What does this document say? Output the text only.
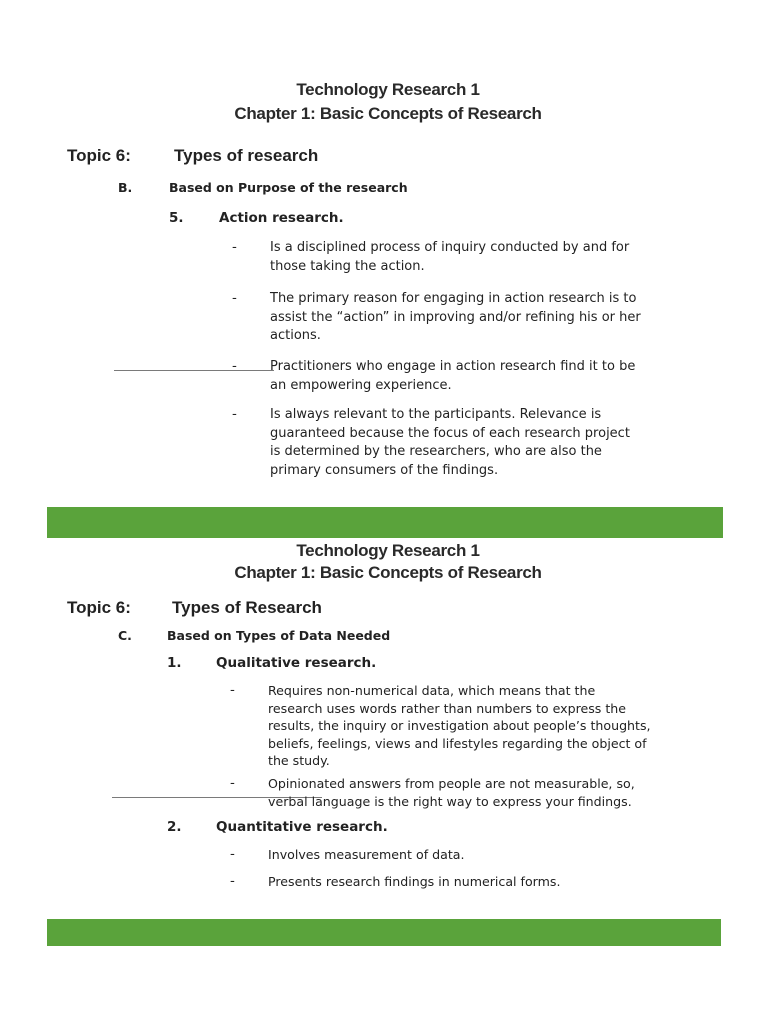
Technology Research 1
Chapter 1: Basic Concepts of Research
Topic 6:	Types of research
B.	Based on Purpose of the research
5.	Action research.
-	Is a disciplined process of inquiry conducted by and for
those taking the action.
-	The primary reason for engaging in action research is to
assist the “action” in improving and/or refining his or her
actions.
-	Practitioners who engage in action research find it to be
an empowering experience.
-	Is always relevant to the participants. Relevance is
guaranteed because the focus of each research project
is determined by the researchers, who are also the
primary consumers of the findings.
Technology Research 1
Chapter 1: Basic Concepts of Research
Topic 6: Types of Research
C.	Based on Types of Data Needed
1.	Qualitative research.
-	Requires non-numerical data, which means that the
research uses words rather than numbers to express the
results, the inquiry or investigation about people’s thoughts,
beliefs, feelings, views and lifestyles regarding the object of
the study.
-	Opinionated answers from people are not measurable, so,
verbal language is the right way to express your findings.
2.	Quantitative research.
-	Involves measurement of data.
-	Presents research findings in numerical forms.
